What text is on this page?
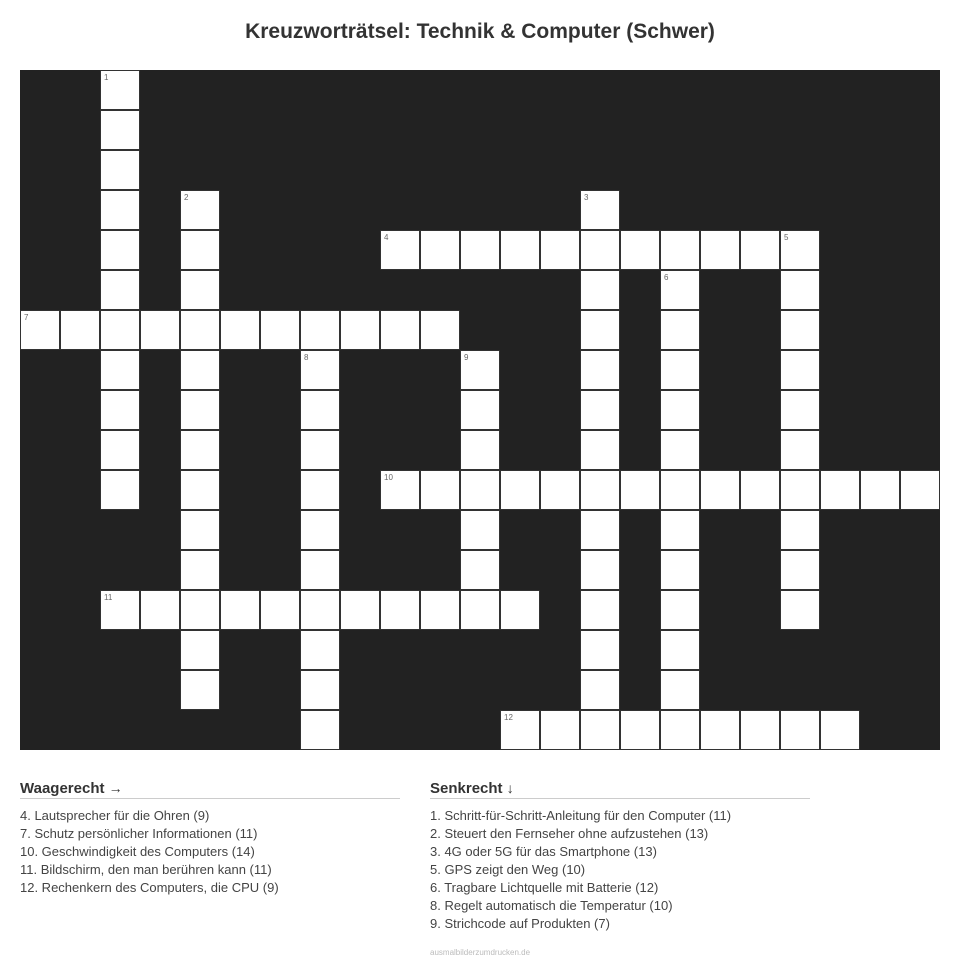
Kreuzworträtsel: Technik & Computer (Schwer)
1
2	3
4	5
6
7
8	9
10
11
12
Waagerecht →
4. Lautsprecher für die Ohren (9)
7. Schutz persönlicher Informationen (11)
10. Geschwindigkeit des Computers (14)
11. Bildschirm, den man berühren kann (11)
12. Rechenkern des Computers, die CPU (9)
Senkrecht ↓
1. Schritt-für-Schritt-Anleitung für den Computer (11)
2. Steuert den Fernseher ohne aufzustehen (13)
3. 4G oder 5G für das Smartphone (13)
5. GPS zeigt den Weg (10)
6. Tragbare Lichtquelle mit Batterie (12)
8. Regelt automatisch die Temperatur (10)
9. Strichcode auf Produkten (7)
ausmalbilderzumdrucken.de
